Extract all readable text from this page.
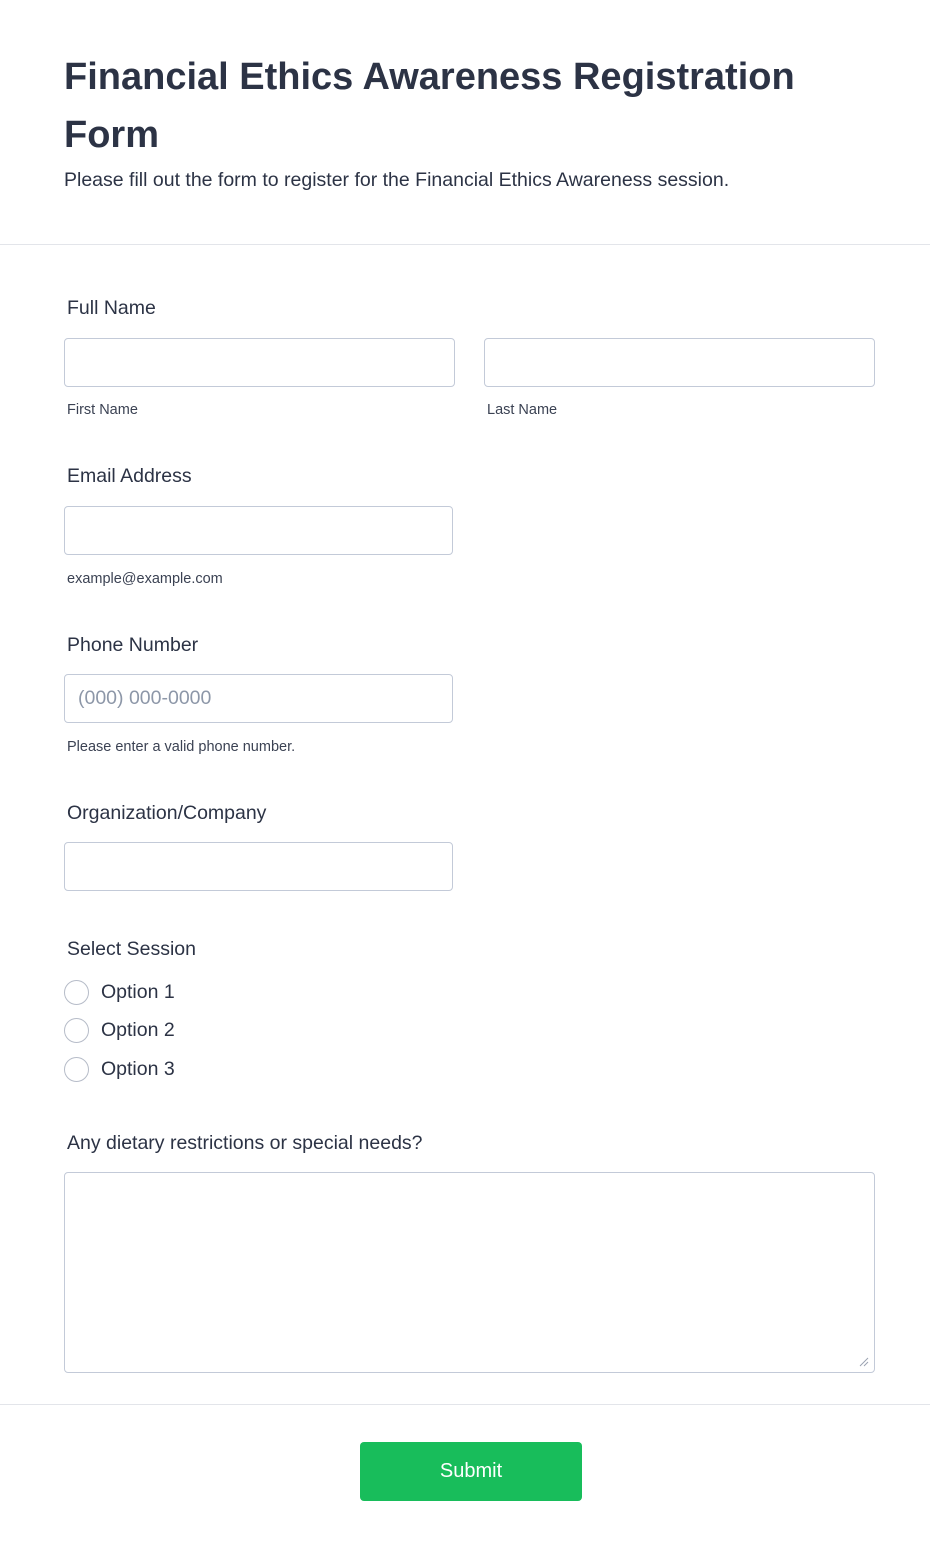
Financial Ethics Awareness Registration Form

Please fill out the form to register for the Financial Ethics Awareness session.

Full Name
First Name	Last Name
Email Address
example@example.com
Phone Number
(000) 000-0000
Please enter a valid phone number.
Organization/Company
Select Session
Option 1
Option 2
Option 3
Any dietary restrictions or special needs?
Submit
